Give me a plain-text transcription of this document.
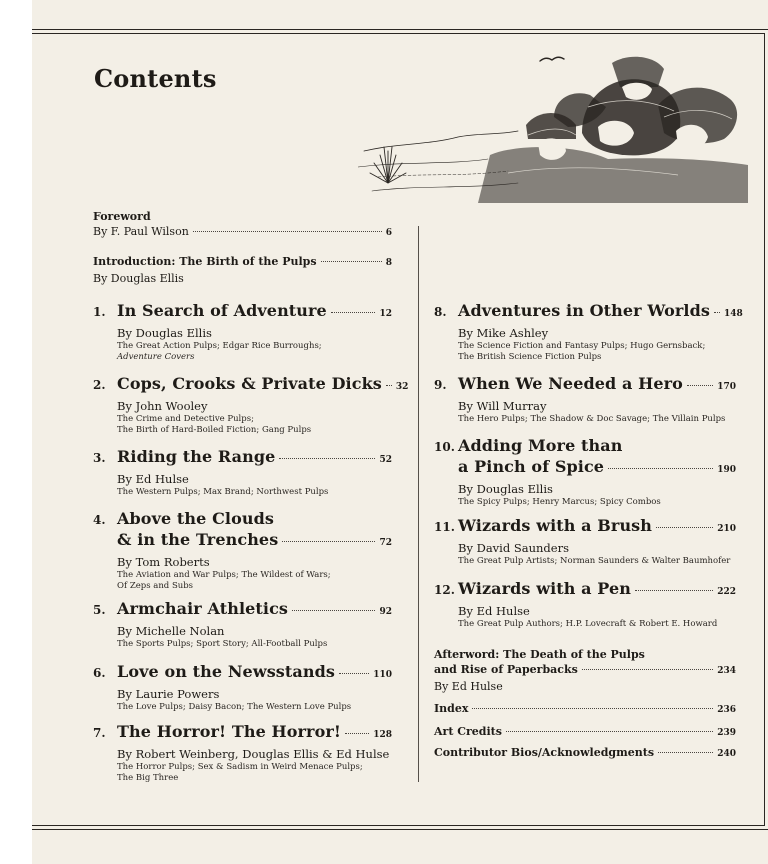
Contents
Foreword
By F. Paul Wilson	6
Introduction: The Birth of the Pulps	8
By Douglas Ellis
1. In Search of Adventure	12
By Douglas Ellis
The Great Action Pulps; Edgar Rice Burroughs;
Adventure Covers
2. Cops, Crooks & Private Dicks 32
By John Wooley
The Crime and Detective Pulps;
The Birth of Hard-Boiled Fiction; Gang Pulps
3. Riding the Range	52
By Ed Hulse
The Western Pulps; Max Brand; Northwest Pulps
4. Above the Clouds
& in the Trenches	72
By Tom Roberts
The Aviation and War Pulps; The Wildest of Wars;
Of Zeps and Subs
5. Armchair Athletics	92
By Michelle Nolan
The Sports Pulps; Sport Story; All-Football Pulps
6. Love on the Newsstands	110
By Laurie Powers
The Love Pulps; Daisy Bacon; The Western Love Pulps
7. The Horror! The Horror!	128
By Robert Weinberg, Douglas Ellis & Ed Hulse
The Horror Pulps; Sex & Sadism in Weird Menace Pulps;
The Big Three
8. Adventures in Other Worlds 148
By Mike Ashley
The Science Fiction and Fantasy Pulps; Hugo Gernsback;
The British Science Fiction Pulps
9. When We Needed a Hero	170
By Will Murray
The Hero Pulps; The Shadow & Doc Savage; The Villain Pulps
10. Adding More than
a Pinch of Spice	190
By Douglas Ellis
The Spicy Pulps; Henry Marcus; Spicy Combos
11. Wizards with a Brush	210
By David Saunders
The Great Pulp Artists; Norman Saunders & Walter Baumhofer
12. Wizards with a Pen	222
By Ed Hulse
The Great Pulp Authors; H.P. Lovecraft & Robert E. Howard
Afterword: The Death of the Pulps
and Rise of Paperbacks	234
By Ed Hulse
Index	236
Art Credits	239
Contributor Bios/Acknowledgments	240
